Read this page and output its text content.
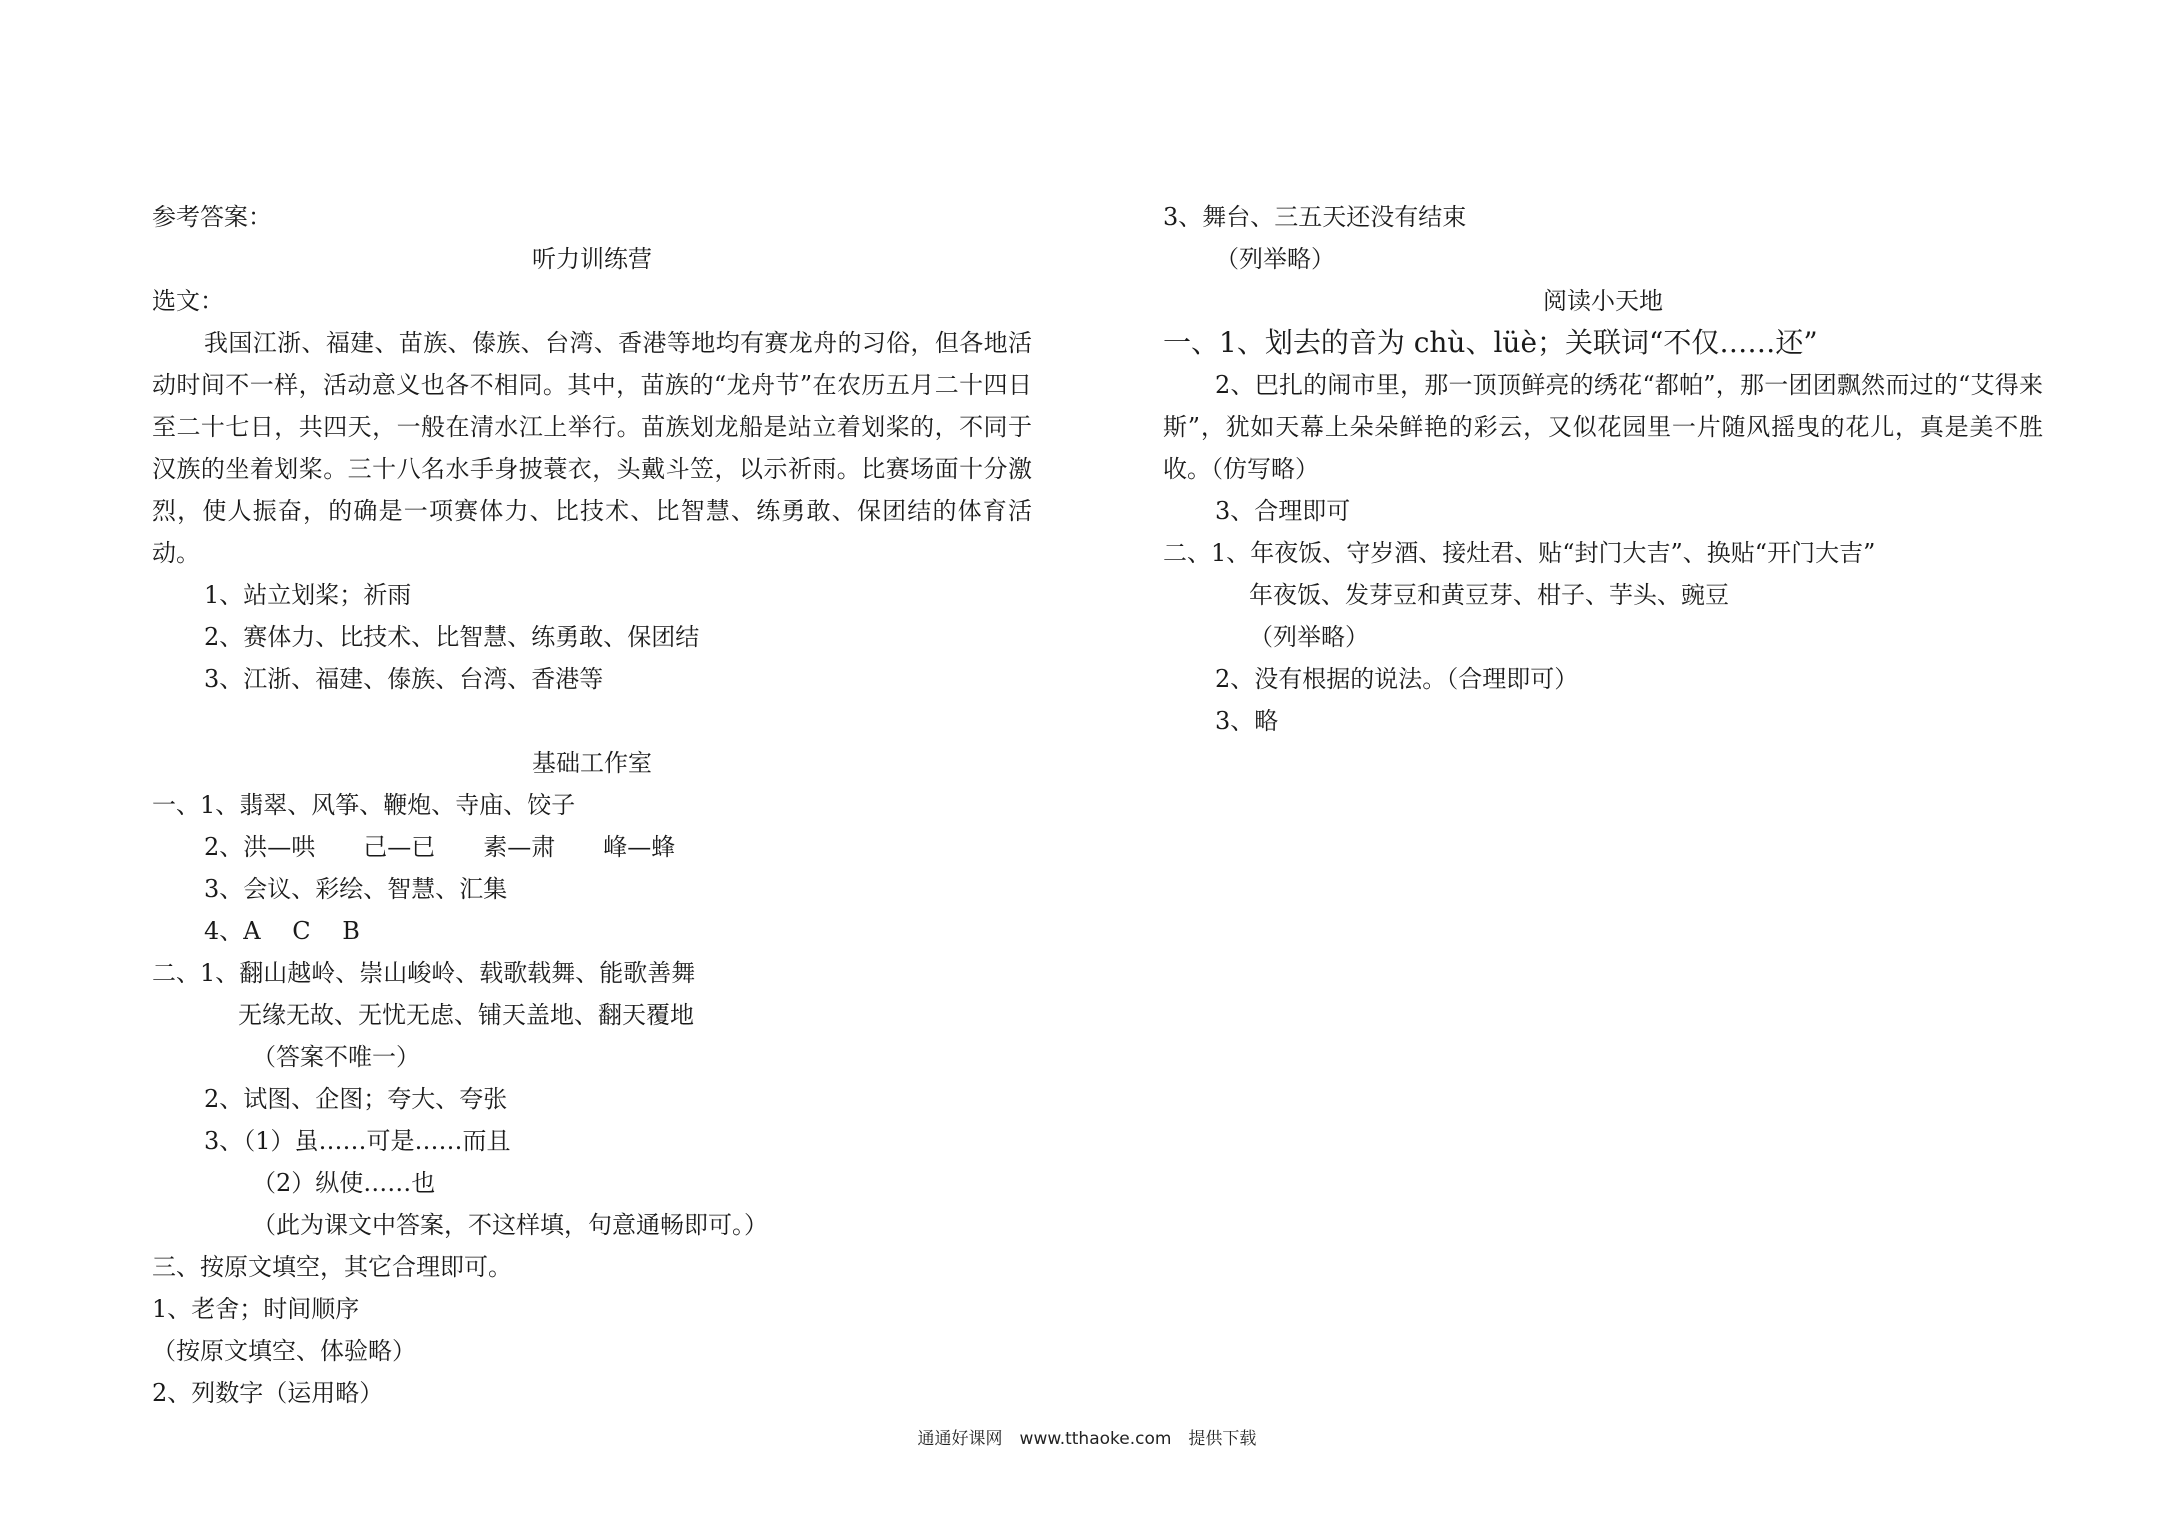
参考答案：
听力训练营
选文：
我国江浙、福建、苗族、傣族、台湾、香港等地均有赛龙舟的习俗，但各地活动时间不一样，活动意义也各不相同。其中，苗族的“龙舟节”在农历五月二十四日至二十七日，共四天，一般在清水江上举行。苗族划龙船是站立着划桨的，不同于汉族的坐着划桨。三十八名水手身披蓑衣，头戴斗笠，以示祈雨。比赛场面十分激烈，使人振奋，的确是一项赛体力、比技术、比智慧、练勇敢、保团结的体育活动。
1、站立划桨；祈雨
2、赛体力、比技术、比智慧、练勇敢、保团结
3、江浙、福建、傣族、台湾、香港等
基础工作室
一、1、翡翠、风筝、鞭炮、寺庙、饺子
2、洪—哄　　己—已　　素—肃　　峰—蜂
3、会议、彩绘、智慧、汇集
4、A　 C　 B
二、1、翻山越岭、崇山峻岭、载歌载舞、能歌善舞
无缘无故、无忧无虑、铺天盖地、翻天覆地
（答案不唯一）
2、试图、企图；夸大、夸张
3、（1）虽……可是……而且
（2）纵使……也
（此为课文中答案，不这样填，句意通畅即可。）
三、按原文填空，其它合理即可。
1、老舍；时间顺序
（按原文填空、体验略）
2、列数字（运用略）
3、舞台、三五天还没有结束
（列举略）
阅读小天地
一、1、划去的音为 chù、lüè；关联词“不仅……还”
2、巴扎的闹市里，那一顶顶鲜亮的绣花“都帕”，那一团团飘然而过的“艾得来斯”，犹如天幕上朵朵鲜艳的彩云，又似花园里一片随风摇曳的花儿，真是美不胜收。（仿写略）
3、合理即可
二、1、年夜饭、守岁酒、接灶君、贴“封门大吉”、换贴“开门大吉”
年夜饭、发芽豆和黄豆芽、柑子、芋头、豌豆
（列举略）
2、没有根据的说法。（合理即可）
3、略
通通好课网　www.tthaoke.com　提供下载
